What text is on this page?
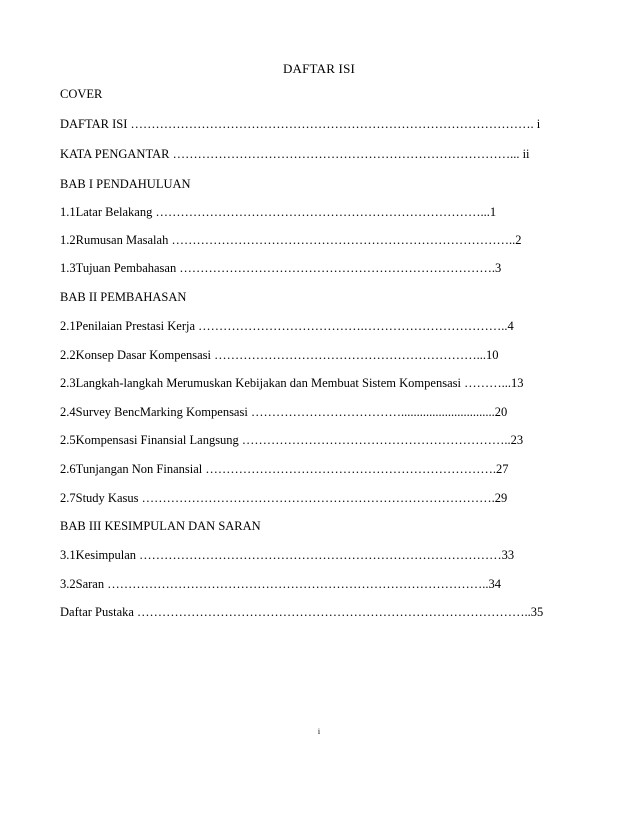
DAFTAR ISI
COVER
DAFTAR ISI ……………………………………………………………………………………. i
KATA PENGANTAR ………………………………………………………………………... ii
BAB I PENDAHULUAN
1.1Latar Belakang ……………………………………………………………………...1
1.2Rumusan Masalah ………………………………………………………………………..2
1.3Tujuan Pembahasan ………………………………………………………………….3
BAB II PEMBAHASAN
2.1Penilaian Prestasi Kerja ………………………………….……………………………..4
2.2Konsep Dasar Kompensasi ………………………………………………………...10
2.3Langkah-langkah Merumuskan Kebijakan dan Membuat Sistem Kompensasi ………...13
2.4Survey BencMarking Kompensasi ………………………………..............................20
2.5Kompensasi Finansial Langsung ………………………………………………………..23
2.6Tunjangan Non Finansial …………………………………………………………….27
2.7Study Kasus ………………………………………………………………………….29
BAB III KESIMPULAN DAN SARAN
3.1Kesimpulan ……………………………………………………………………………33
3.2Saran ………………………………………………………………………………..34
Daftar Pustaka …………………………………………………………………………………..35
i
